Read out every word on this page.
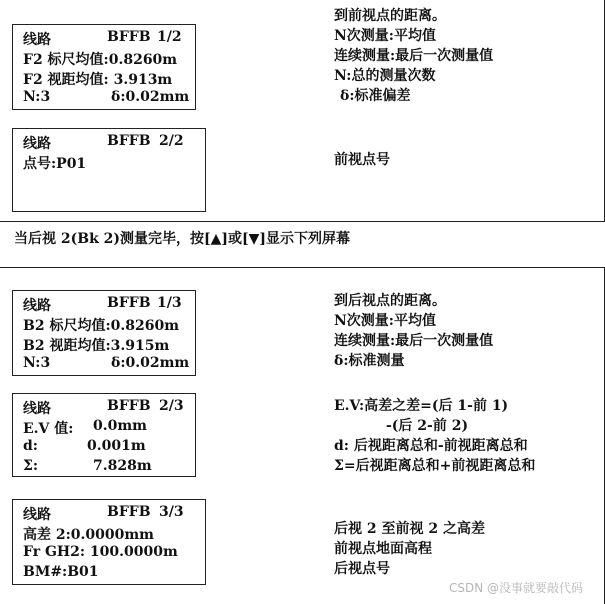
线路	BFFB 1/2
F2 标尺均值:0.8260m
F2 视距均值: 3.913m
N:3	δ:0.02mm
线路	BFFB 2/2
点号:P01
到前视点的距离。
N次测量:平均值
连续测量:最后一次测量值
N:总的测量次数
δ:标准偏差
前视点号
当后视 2(Bk 2)测量完毕，按[▲]或[▼]显示下列屏幕
线路	BFFB 1/3
B2 标尺均值:0.8260m
B2 视距均值:3.915m
N:3	δ:0.02mm
线路	BFFB 2/3
E.V 值: 0.0mm
d:	0.001m
Σ:	7.828m
线路	BFFB 3/3
高差 2:0.0000mm
Fr GH2: 100.0000m
BM#:B01
到后视点的距离。
N次测量:平均值
连续测量:最后一次测量值
δ:标准测量
E.V:高差之差=(后 1-前 1)
-(后 2-前 2)
d: 后视距离总和-前视距离总和
Σ=后视距离总和+前视距离总和
后视 2 至前视 2 之高差
前视点地面高程
后视点号
CSDN @没事就要敲代码
